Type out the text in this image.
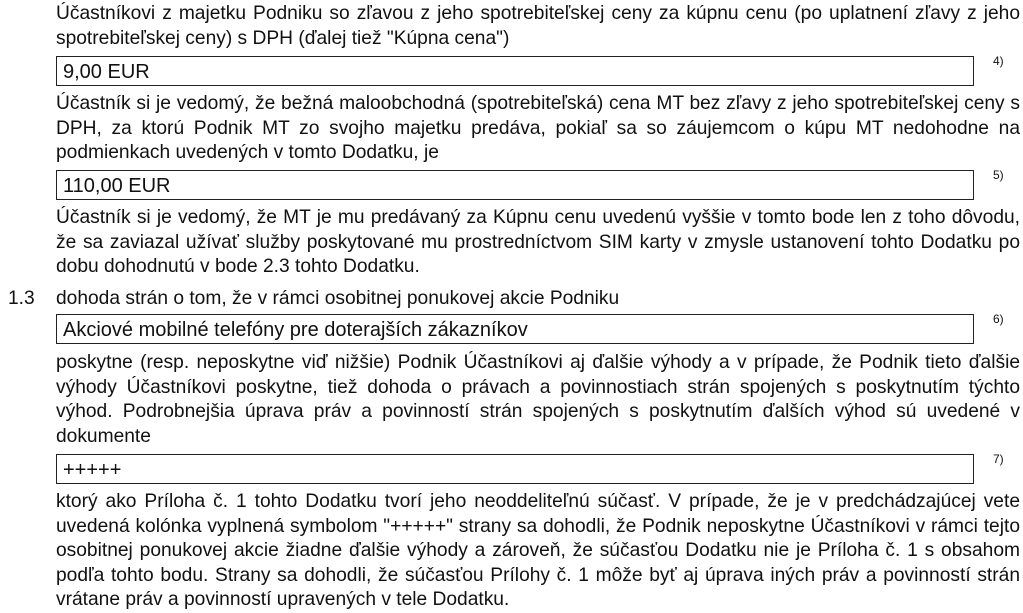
Účastníkovi z majetku Podniku so zľavou z jeho spotrebiteľskej ceny za kúpnu cenu (po uplatnení zľavy z jeho spotrebiteľskej ceny) s DPH (ďalej tiež "Kúpna cena")

9,00 EUR	4)

Účastník si je vedomý, že bežná maloobchodná (spotrebiteľská) cena MT bez zľavy z jeho spotrebiteľskej ceny s DPH, za ktorú Podnik MT zo svojho majetku predáva, pokiaľ sa so záujemcom o kúpu MT nedohodne na podmienkach uvedených v tomto Dodatku, je

110,00 EUR	5)

Účastník si je vedomý, že MT je mu predávaný za Kúpnu cenu uvedenú vyššie v tomto bode len z toho dôvodu, že sa zaviazal užívať služby poskytované mu prostredníctvom SIM karty v zmysle ustanovení tohto Dodatku po dobu dohodnutú v bode 2.3 tohto Dodatku.

1.3 dohoda strán o tom, že v rámci osobitnej ponukovej akcie Podniku

Akciové mobilné telefóny pre doterajších zákazníkov	6)

poskytne (resp. neposkytne viď nižšie) Podnik Účastníkovi aj ďalšie výhody a v prípade, že Podnik tieto ďalšie výhody Účastníkovi poskytne, tiež dohoda o právach a povinnostiach strán spojených s poskytnutím týchto výhod. Podrobnejšia úprava práv a povinností strán spojených s poskytnutím ďalších výhod sú uvedené v dokumente

+++++	7)

ktorý ako Príloha č. 1 tohto Dodatku tvorí jeho neoddeliteľnú súčasť. V prípade, že je v predchádzajúcej vete uvedená kolónka vyplnená symbolom "+++++" strany sa dohodli, že Podnik neposkytne Účastníkovi v rámci tejto osobitnej ponukovej akcie žiadne ďalšie výhody a zároveň, že súčasťou Dodatku nie je Príloha č. 1 s obsahom podľa tohto bodu. Strany sa dohodli, že súčasťou Prílohy č. 1 môže byť aj úprava iných práv a povinností strán vrátane práv a povinností upravených v tele Dodatku.
